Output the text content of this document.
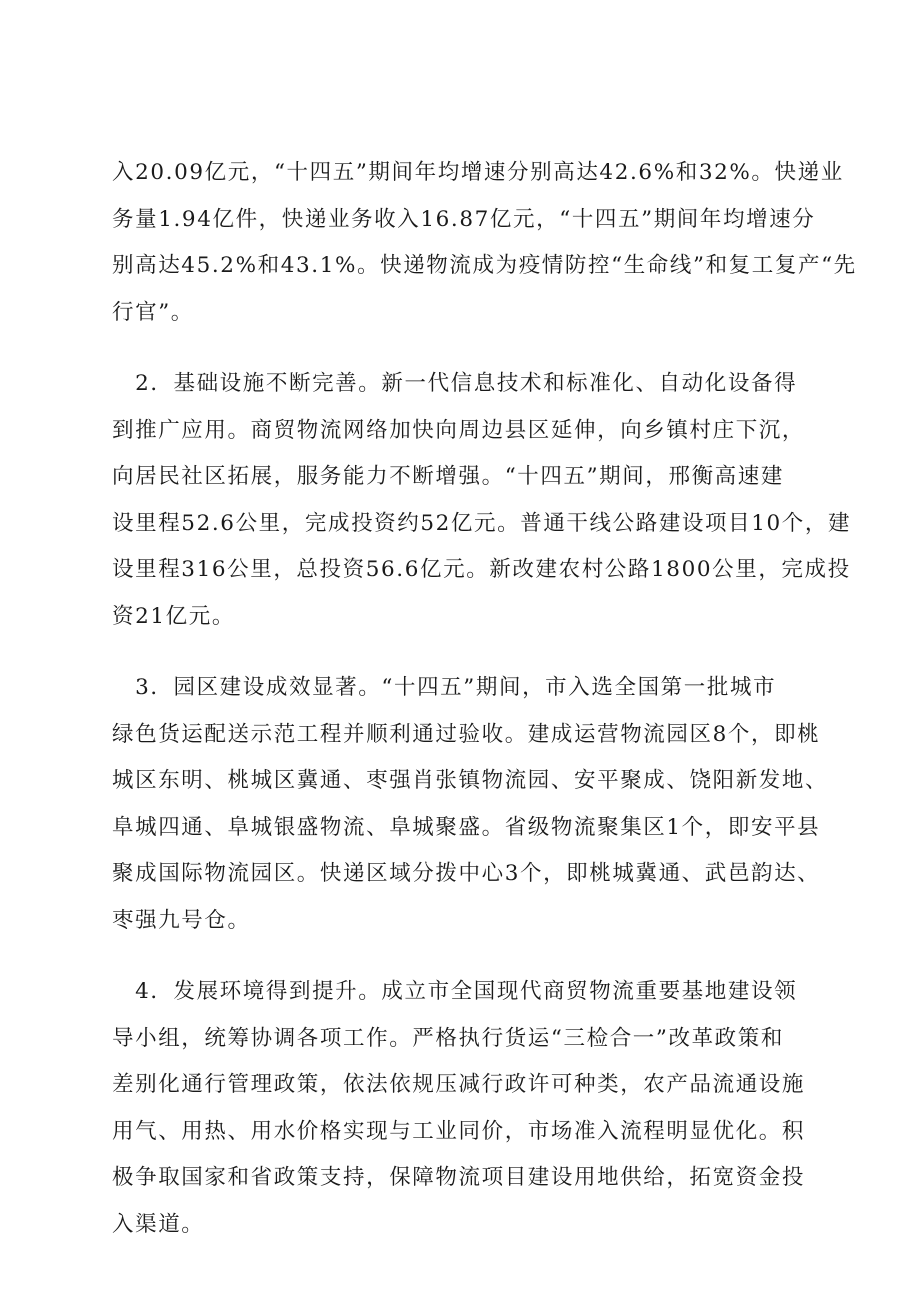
入20.09亿元，“十四五”期间年均增速分别高达42.6%和32%。快递业
务量1.94亿件，快递业务收入16.87亿元，“十四五”期间年均增速分
别高达45.2%和43.1%。快递物流成为疫情防控“生命线”和复工复产“先
行官”。
　2．基础设施不断完善。新一代信息技术和标准化、自动化设备得
到推广应用。商贸物流网络加快向周边县区延伸，向乡镇村庄下沉，
向居民社区拓展，服务能力不断增强。“十四五”期间，邢衡高速建
设里程52.6公里，完成投资约52亿元。普通干线公路建设项目10个，建
设里程316公里，总投资56.6亿元。新改建农村公路1800公里，完成投
资21亿元。
　3．园区建设成效显著。“十四五”期间，市入选全国第一批城市
绿色货运配送示范工程并顺利通过验收。建成运营物流园区8个，即桃
城区东明、桃城区冀通、枣强肖张镇物流园、安平聚成、饶阳新发地、
阜城四通、阜城银盛物流、阜城聚盛。省级物流聚集区1个，即安平县
聚成国际物流园区。快递区域分拨中心3个，即桃城冀通、武邑韵达、
枣强九号仓。
　4．发展环境得到提升。成立市全国现代商贸物流重要基地建设领
导小组，统筹协调各项工作。严格执行货运“三检合一”改革政策和
差别化通行管理政策，依法依规压减行政许可种类，农产品流通设施
用气、用热、用水价格实现与工业同价，市场准入流程明显优化。积
极争取国家和省政策支持，保障物流项目建设用地供给，拓宽资金投
入渠道。
